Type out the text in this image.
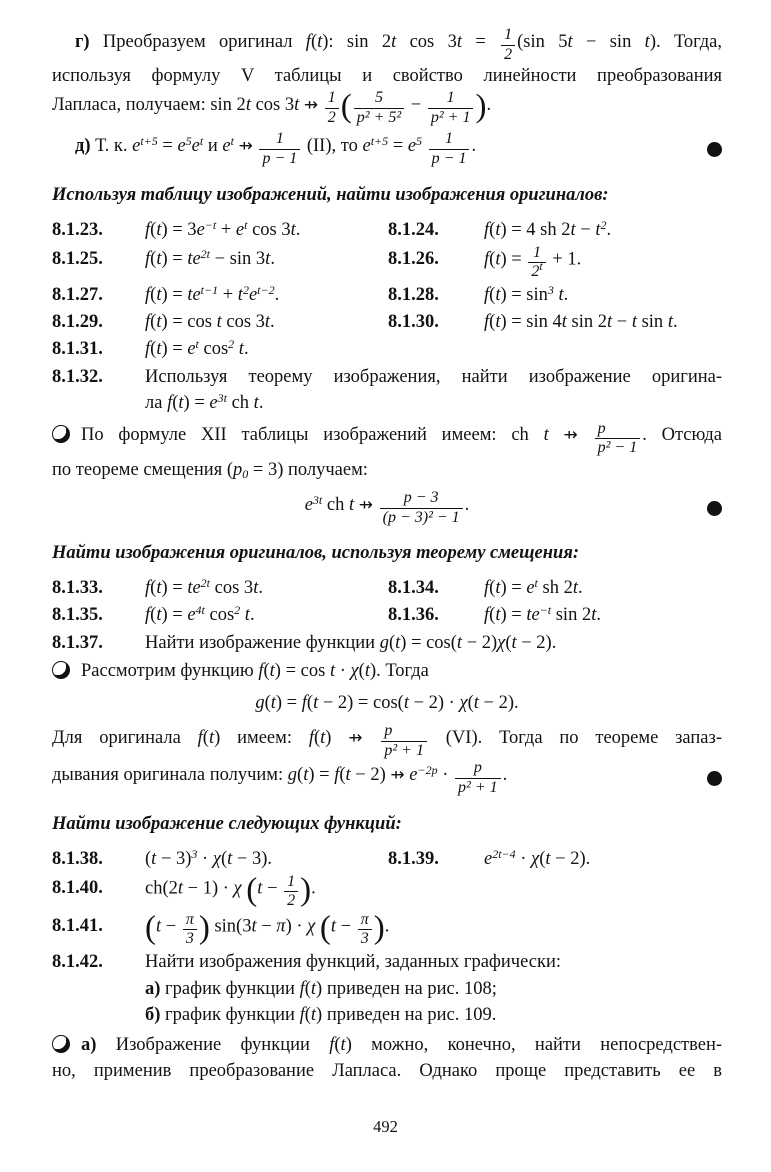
г) Преобразуем оригинал f(t): sin 2t $\cos 3t = \frac{1}{2} (\sin$ 5t − sin t). Тогда,
используя формулу V таблицы и свойство линейности преобразования
Лапласа, получаем: sin 2t cos 3t ⇸ $\frac{1}{2}$ ( $\frac{5}{\text{p² + 5²}} - \frac{1}{\text{p² + 1}}$ ).
д) Т. к. $e^{t+5} = e^5e^t$ и $e^t$ ⇸ $\frac{1}{p - 1} (II)$, то $e^{t+5} = e^5 \frac{1}{p - 1}$ .
Используя таблицу изображений, найти изображения оригиналов:
8.1.23.	$f(t) = 3e^{-t} + e^t$ cos 3t.	8.1.24.	f(t) = 4 sh $2t - t^2$.
8.1.25.	$f(t) = te^{2t} - \sin 3t$.	8.1.26.	$f(t) = \frac{1}{2^t} + 1$.
8.1.27.	$f(t) = te^{t-1} + t^2e^{t-2}$.	8.1.28.	$f(t) = \sin^3 t$.
8.1.29.	f(t) = cos t cos 3t.	8.1.30.	f(t) = sin 4t sin 2t − t sin t.
8.1.31.	$f(t) = e^t$ $\cos^2 t$.
8.1.32.	Используя теорему изображения, найти изображение оригина-
ла $f(t) = e^{3t}$ ch t.
По формуле XII таблицы изображений имеем: ch t ⇸ $\frac{p}{\text{p² − 1}}$ . Отсюда
по теореме смещения $(p_0 = 3)$ получаем:
$e^{3t}$ ch t ⇸ $\frac{p - 3}{\text{(p − 3)² − 1}}$ .
Найти изображения оригиналов, используя теорему смещения:
8.1.33.	$f(t) = te^{2t}$ cos 3t.	8.1.34.	$f(t) = e^t$ sh 2t.
8.1.35.	$f(t) = e^{4t}$ $\cos^2 t$.	8.1.36.	$f(t) = te^{-t}$ sin 2t.
8.1.37.	Найти изображение функции g(t) = cos(t − 2)χ(t − 2).
Рассмотрим функцию f(t) = cos t · χ(t). Тогда
g(t) = f(t − 2) = cos(t − 2) · χ(t − 2).
Для оригинала f(t) имеем: f(t) ⇸ $\frac{p}{\text{p² + 1}} (VI)$. Тогда по теореме запаз-
дывания оригинала получим: g(t) = f(t − 2) ⇸ $e^{-2p} \cdot \frac{p}{\text{p² + 1}}$ .
Найти изображение следующих функций:
8.1.38.	$(t - 3)^3 \cdot \chi(t - 3)$.	8.1.39.	$e^{2t-4} \cdot \chi(t - 2)$.
8.1.40.	ch(2t − 1) · χ ($t - \frac{1}{2}$ ).
8.1.41.	($t - \frac{\pi}{3}$ ) sin(3t − π) · χ ($t - \frac{\pi}{3}$ ).
8.1.42.	Найти изображения функций, заданных графически:
а) график функции f(t) приведен на рис. 108;
б) график функции f(t) приведен на рис. 109.
а) Изображение функции f(t) можно, конечно, найти непосредствен-
но, применив преобразование Лапласа. Однако проще представить ее в
492
